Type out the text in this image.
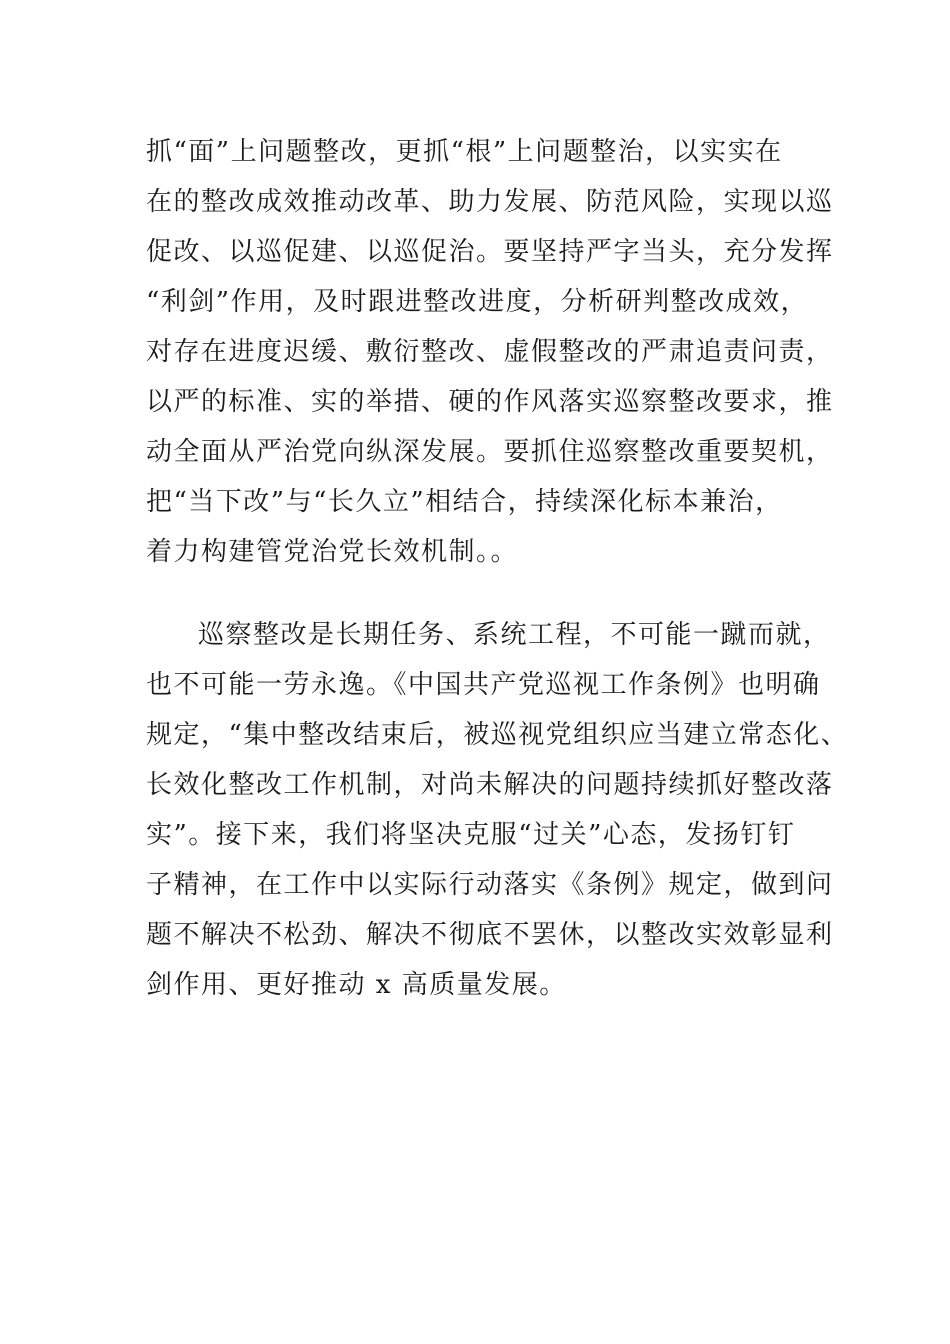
抓“面”上问题整改，更抓“根”上问题整治，以实实在
在的整改成效推动改革、助力发展、防范风险，实现以巡
促改、以巡促建、以巡促治。要坚持严字当头，充分发挥
“利剑”作用，及时跟进整改进度，分析研判整改成效，
对存在进度迟缓、敷衍整改、虚假整改的严肃追责问责，
以严的标准、实的举措、硬的作风落实巡察整改要求，推
动全面从严治党向纵深发展。要抓住巡察整改重要契机，
把“当下改”与“长久立”相结合，持续深化标本兼治，
着力构建管党治党长效机制。。
巡察整改是长期任务、系统工程，不可能一蹴而就，
也不可能一劳永逸。《中国共产党巡视工作条例》也明确
规定，“集中整改结束后，被巡视党组织应当建立常态化、
长效化整改工作机制，对尚未解决的问题持续抓好整改落
实”。接下来，我们将坚决克服“过关”心态，发扬钉钉
子精神，在工作中以实际行动落实《条例》规定，做到问
题不解决不松劲、解决不彻底不罢休，以整改实效彰显利
剑作用、更好推动 x 高质量发展。
